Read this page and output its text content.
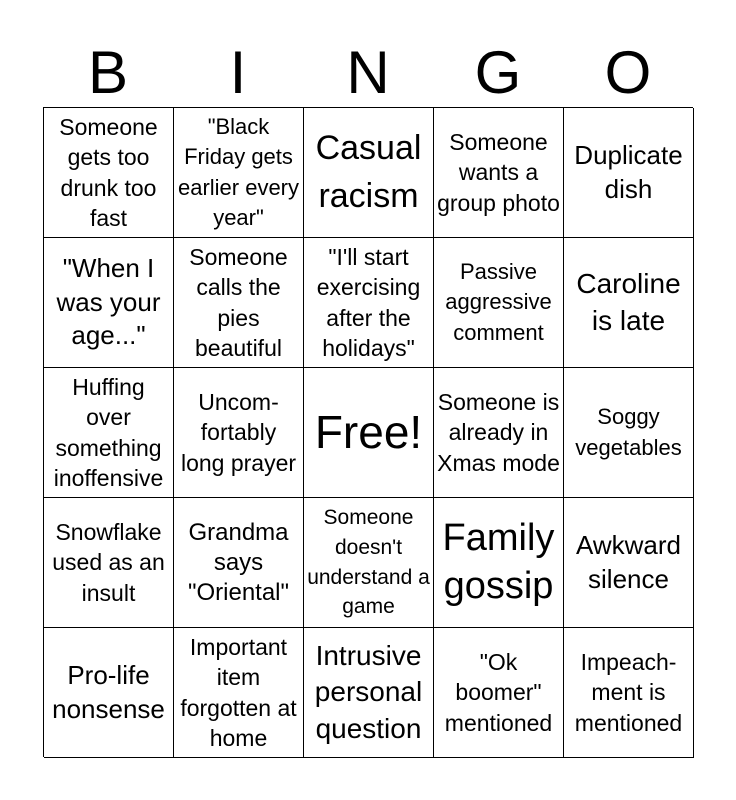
B	I	N	G	O
Someone gets too drunk too fast
"Black Friday gets earlier every year"
Casual racism
Someone wants a group photo
Duplicate dish
"When I was your age..."
Someone calls the pies beautiful
"I'll start exercising after the holidays"
Passive aggressive comment
Caroline is late
Huffing over something inoffensive
Uncom- fortably long prayer
Free!
Someone is already in Xmas mode
Soggy vegetables
Snowflake used as an insult
Grandma says "Oriental"
Someone doesn't understand a game
Family gossip
Awkward silence
Pro-life nonsense
Important item forgotten at home
Intrusive personal question
"Ok boomer" mentioned
Impeach- ment is mentioned
